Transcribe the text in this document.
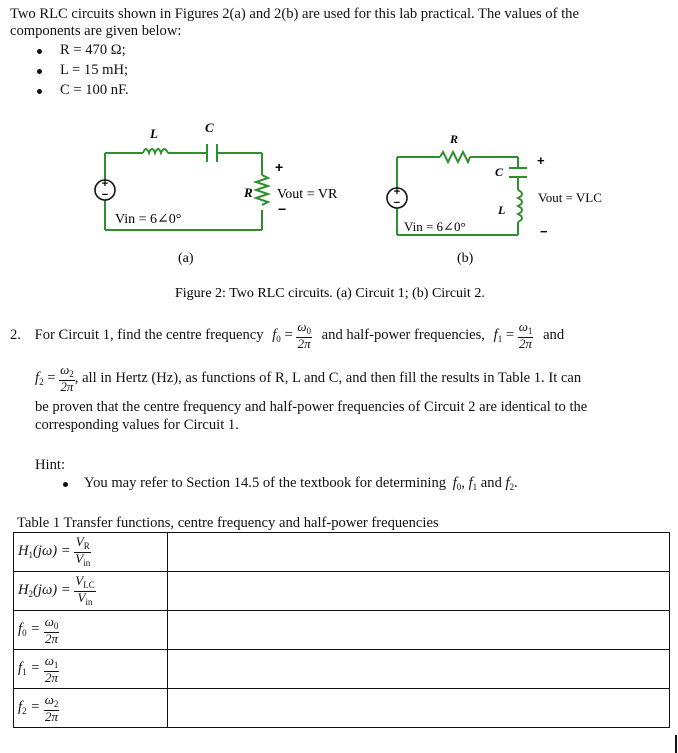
Two RLC circuits shown in Figures 2(a) and 2(b) are used for this lab practical. The values of the
components are given below:
R = 470 Ω;
L = 15 mH;
C = 100 nF.
+
−
L	C
R
+
−
Vout = VR
Vin = 6∠0°
(a)
+
−
R
C
L
+
−
Vout = VLC
Vin = 6∠0°
(b)
Figure 2: Two RLC circuits. (a) Circuit 1; (b) Circuit 2.
2. For Circuit 1, find the centre frequency $f_0 = \frac{\omega_0}{2\pi}$ and half-power frequencies, $f_1 = \frac{\omega_1}{2\pi}$ and
$f_2 = \frac{\omega_2}{2\pi}$ , all in Hertz (Hz), as functions of R, L and C, and then fill the results in Table 1. It can
be proven that the centre frequency and half-power frequencies of Circuit 2 are identical to the
corresponding values for Circuit 1.
Hint:
You may refer to Section 14.5 of the textbook for determining $f_0$, $f_1$ and $f_2$.
Table 1 Transfer functions, centre frequency and half-power frequencies
$H_1(j\omega) = \frac{V_R}{V_{in}}$

$H_2(j\omega) = \frac{V_{LC}}{V_{in}}$

$f_0 = \frac{\omega_0}{2\pi}$

$f_1 = \frac{\omega_1}{2\pi}$

$f_2 = \frac{\omega_2}{2\pi}$
